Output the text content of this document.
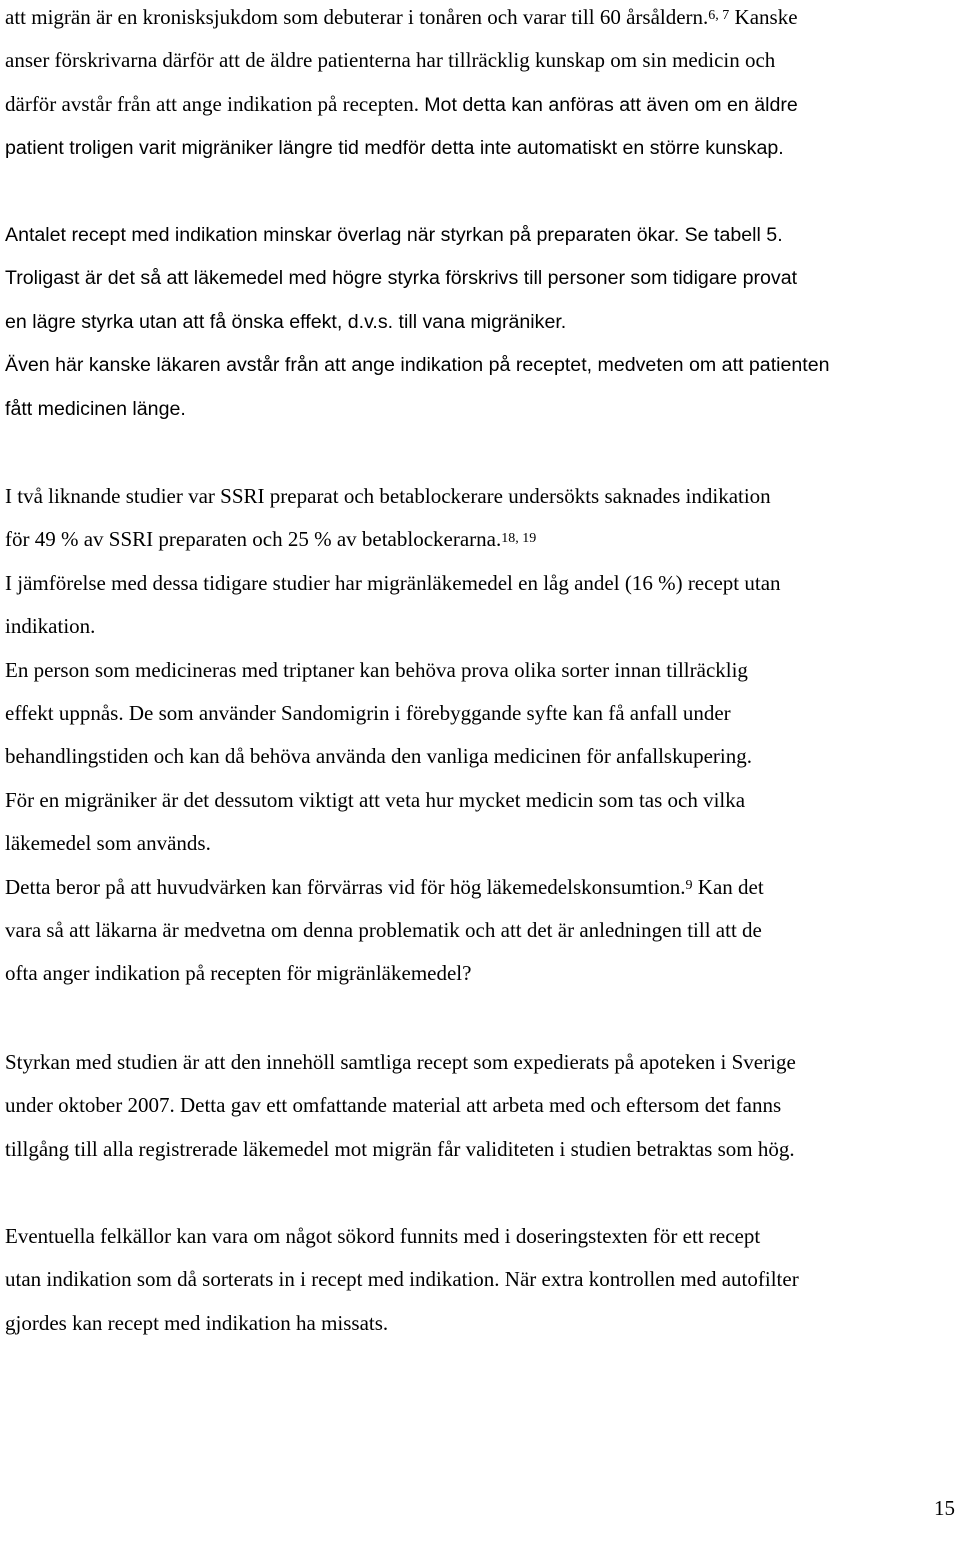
att migrän är en kronisksjukdom som debuterar i tonåren och varar till 60 årsåldern.$^{6, 7}$ Kanske
anser förskrivarna därför att de äldre patienterna har tillräcklig kunskap om sin medicin och
därför avstår från att ange indikation på recepten. Mot detta kan anföras att även om en äldre
patient troligen varit migräniker längre tid medför detta inte automatiskt en större kunskap.
Antalet recept med indikation minskar överlag när styrkan på preparaten ökar. Se tabell 5.
Troligast är det så att läkemedel med högre styrka förskrivs till personer som tidigare provat
en lägre styrka utan att få önska effekt, d.v.s. till vana migräniker.
Även här kanske läkaren avstår från att ange indikation på receptet, medveten om att patienten
fått medicinen länge.
I två liknande studier var SSRI preparat och betablockerare undersökts saknades indikation
för 49 % av SSRI preparaten och 25 % av betablockerarna.$^{18, 19}$
I jämförelse med dessa tidigare studier har migränläkemedel en låg andel (16 %) recept utan
indikation.
En person som medicineras med triptaner kan behöva prova olika sorter innan tillräcklig
effekt uppnås. De som använder Sandomigrin i förebyggande syfte kan få anfall under
behandlingstiden och kan då behöva använda den vanliga medicinen för anfallskupering.
För en migräniker är det dessutom viktigt att veta hur mycket medicin som tas och vilka
läkemedel som används.
Detta beror på att huvudvärken kan förvärras vid för hög läkemedelskonsumtion.$^9$ Kan det
vara så att läkarna är medvetna om denna problematik och att det är anledningen till att de
ofta anger indikation på recepten för migränläkemedel?
Styrkan med studien är att den innehöll samtliga recept som expedierats på apoteken i Sverige
under oktober 2007. Detta gav ett omfattande material att arbeta med och eftersom det fanns
tillgång till alla registrerade läkemedel mot migrän får validiteten i studien betraktas som hög.
Eventuella felkällor kan vara om något sökord funnits med i doseringstexten för ett recept
utan indikation som då sorterats in i recept med indikation. När extra kontrollen med autofilter
gjordes kan recept med indikation ha missats.
15
